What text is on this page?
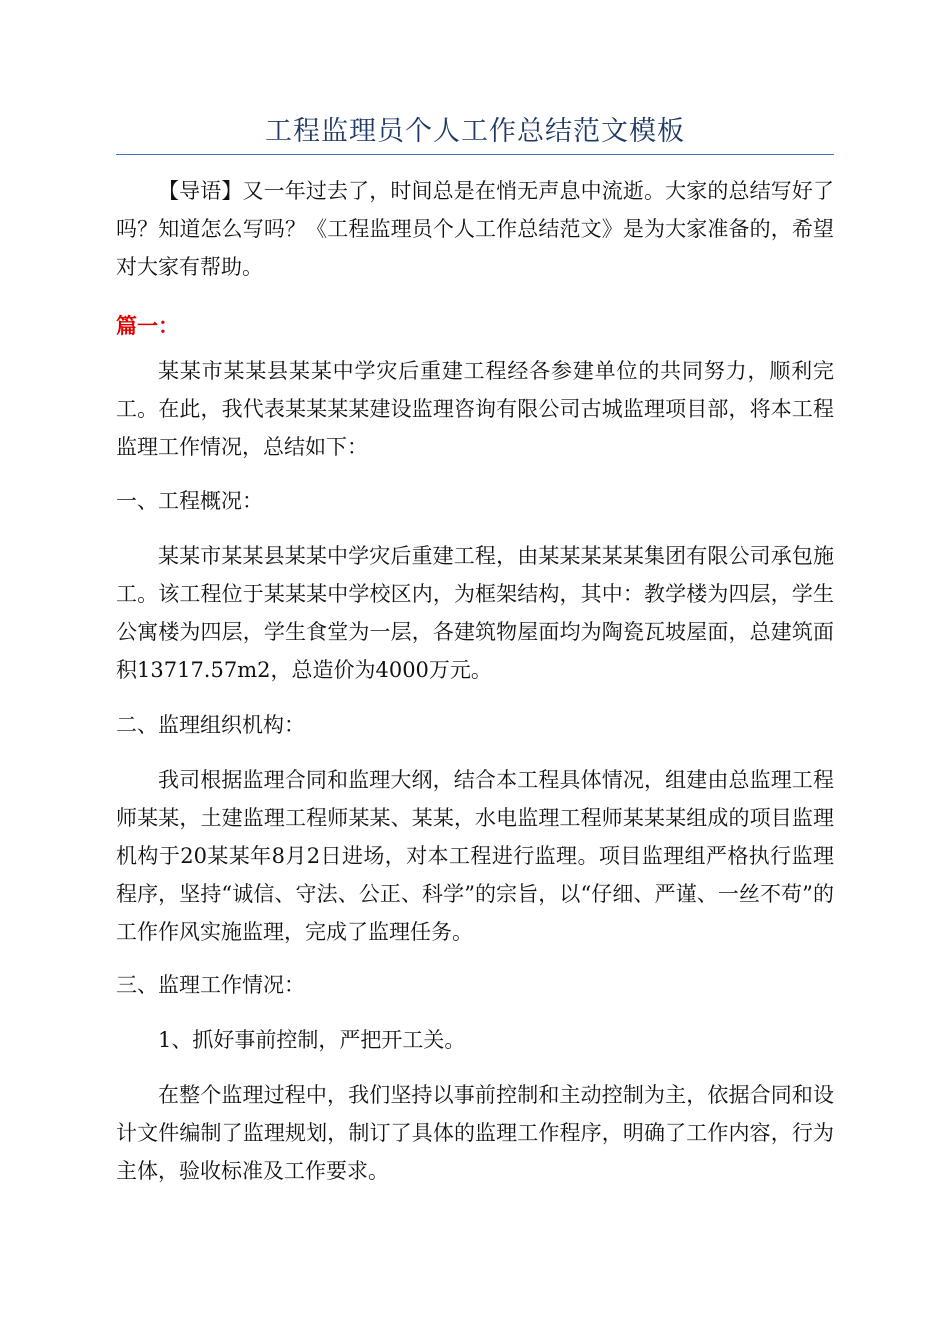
工程监理员个人工作总结范文模板

【导语】又一年过去了，时间总是在悄无声息中流逝。大家的总结写好了吗？知道怎么写吗？《工程监理员个人工作总结范文》是为大家准备的，希望对大家有帮助。

篇一：

某某市某某县某某中学灾后重建工程经各参建单位的共同努力，顺利完工。在此，我代表某某某某建设监理咨询有限公司古城监理项目部，将本工程监理工作情况，总结如下：

一、工程概况：

某某市某某县某某中学灾后重建工程，由某某某某某集团有限公司承包施工。该工程位于某某某中学校区内，为框架结构，其中：教学楼为四层，学生公寓楼为四层，学生食堂为一层，各建筑物屋面均为陶瓷瓦坡屋面，总建筑面积13717.57m2，总造价为4000万元。

二、监理组织机构：

我司根据监理合同和监理大纲，结合本工程具体情况，组建由总监理工程师某某，土建监理工程师某某、某某，水电监理工程师某某某组成的项目监理机构于20某某年8月2日进场，对本工程进行监理。项目监理组严格执行监理程序，坚持“诚信、守法、公正、科学”的宗旨，以“仔细、严谨、一丝不苟”的工作作风实施监理，完成了监理任务。

三、监理工作情况：

1、抓好事前控制，严把开工关。

在整个监理过程中，我们坚持以事前控制和主动控制为主，依据合同和设计文件编制了监理规划，制订了具体的监理工作程序，明确了工作内容，行为主体，验收标准及工作要求。
